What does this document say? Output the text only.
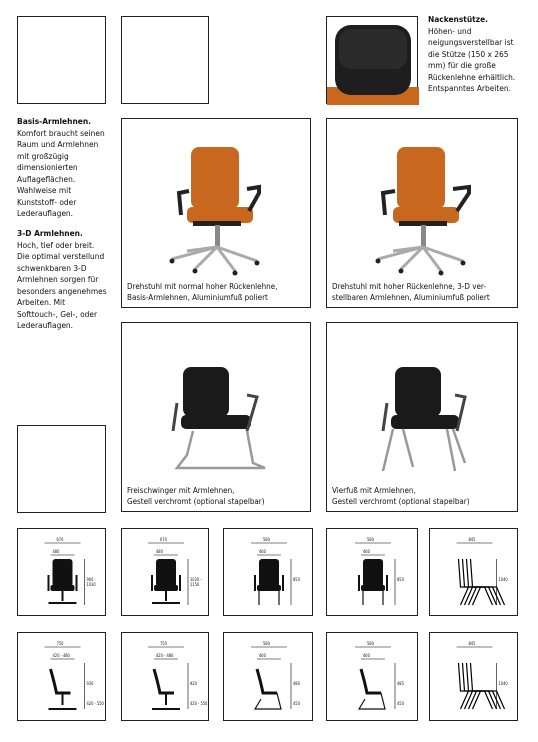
Nackenstütze.
Höhen- und neigungsverstellbar ist die Stütze (150 x 265 mm) für die große Rückenlehne erhältlich. Entspanntes Arbeiten.
Basis-Armlehnen.
Komfort braucht seinen Raum und Armlehnen mit großzügig dimensionierten Auflageflächen. Wahlweise mit Kunststoff- oder Lederauflagen.
3-D Armlehnen.
Hoch, tief oder breit. Die optimal verstellund schwenkbaren 3-D Armlehnen sorgen für besonders angenehmes Arbeiten. Mit Softtouch-, Gel-, oder Lederauflagen.
Drehstuhl mit normal hoher Rückenlehne,
Basis-Armlehnen, Aluminiumfuß poliert
Drehstuhl mit hoher Rückenlehne, 3-D ver-
stellbaren Armlehnen, Aluminiumfuß poliert
Freischwinger mit Armlehnen,
Gestell verchromt (optional stapelbar)
Vierfuß mit Armlehnen,
Gestell verchromt (optional stapelbar)
670
480
900 - 1030
670
480
1020 - 1150
580
460
850
580
460
850
845
1040
750
420 - 480
930
420 - 550
750
420 - 480
920
420 - 550
580
460
480
450
580
460
485
450
845
1040
